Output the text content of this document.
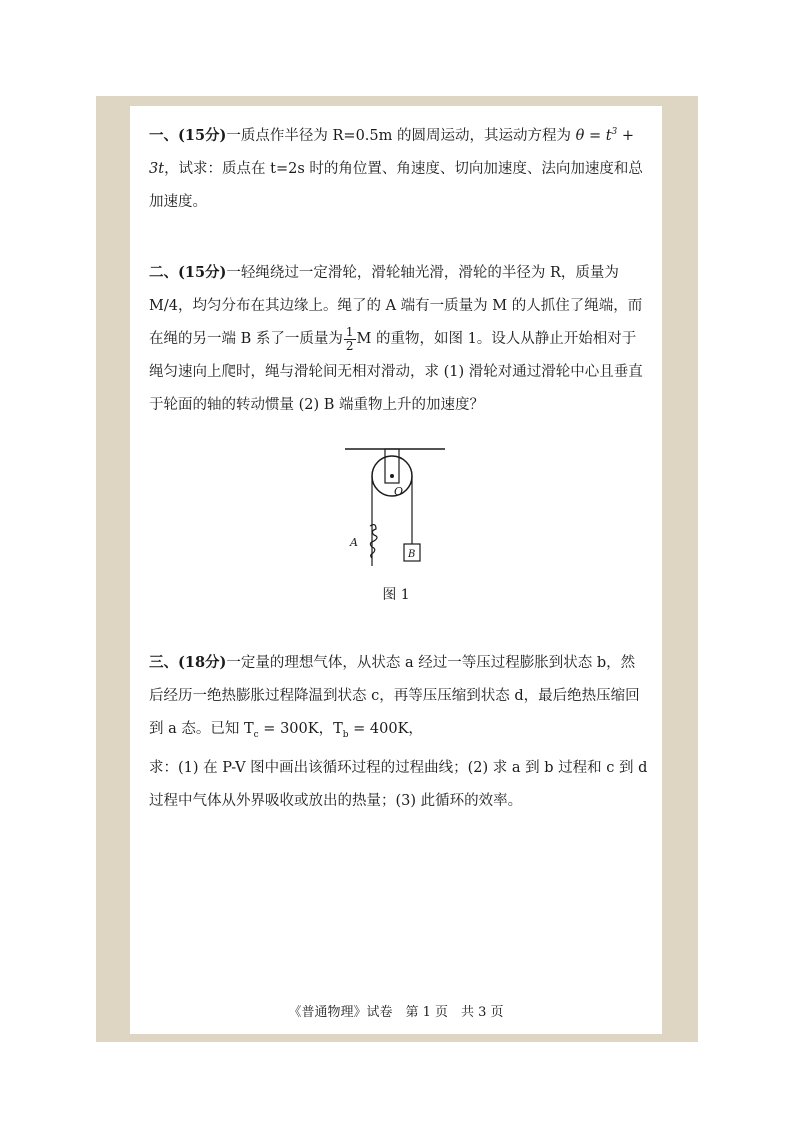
一、(15分)一质点作半径为 R=0.5m 的圆周运动，其运动方程为 $\theta = t^3 + 3t$，试求：质点在 t=2s 时的角位置、角速度、切向加速度、法向加速度和总加速度。

二、(15分)一轻绳绕过一定滑轮，滑轮轴光滑，滑轮的半径为 R，质量为 M/4，均匀分布在其边缘上。绳了的 A 端有一质量为 M 的人抓住了绳端，而在绳的另一端 B 系了一质量为 $\frac{1}{2}$ M 的重物，如图 1。设人从静止开始相对于绳匀速向上爬时，绳与滑轮间无相对滑动，求 (1) 滑轮对通过滑轮中心且垂直于轮面的轴的转动惯量 (2) B 端重物上升的加速度？

O
A
B
图 1

三、(18分)一定量的理想气体，从状态 a 经过一等压过程膨胀到状态 b，然后经历一绝热膨胀过程降温到状态 c，再等压压缩到状态 d，最后绝热压缩回到 a 态。已知 $T_c = 300K$，$T_b = 400K$，
求：(1) 在 P-V 图中画出该循环过程的过程曲线；(2) 求 a 到 b 过程和 c 到 d 过程中气体从外界吸收或放出的热量；(3) 此循环的效率。

《普通物理》试卷　第 1 页　共 3 页
